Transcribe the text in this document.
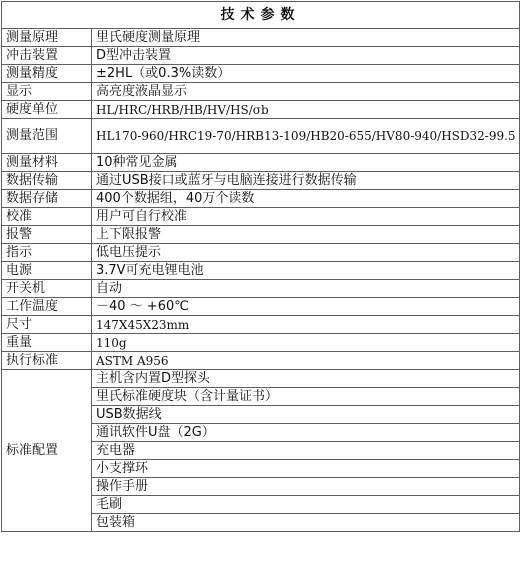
技术参数	
测量原理	里氏硬度测量原理
冲击装置	D型冲击装置
测量精度	±2HL（或0.3%读数）
显示	高亮度液晶显示
硬度单位	HL/HRC/HRB/HB/HV/HS/σb
测量范围	HL170-960/HRC19-70/HRB13-109/HB20-655/HV80-940/HSD32-99.5
测量材料	10种常见金属
数据传输	通过USB接口或蓝牙与电脑连接进行数据传输
数据存储	400个数据组，40万个读数
校准	用户可自行校准
报警	上下限报警
指示	低电压提示
电源	3.7V可充电锂电池
开关机	自动
工作温度	－40 ～ +60℃
尺寸	147X45X23mm
重量	110g
执行标准	ASTM A956
标准配置	主机含内置D型探头
	里氏标准硬度块（含计量证书）
	USB数据线
	通讯软件U盘（2G）
	充电器
	小支撑环
	操作手册
	毛刷
	包装箱
